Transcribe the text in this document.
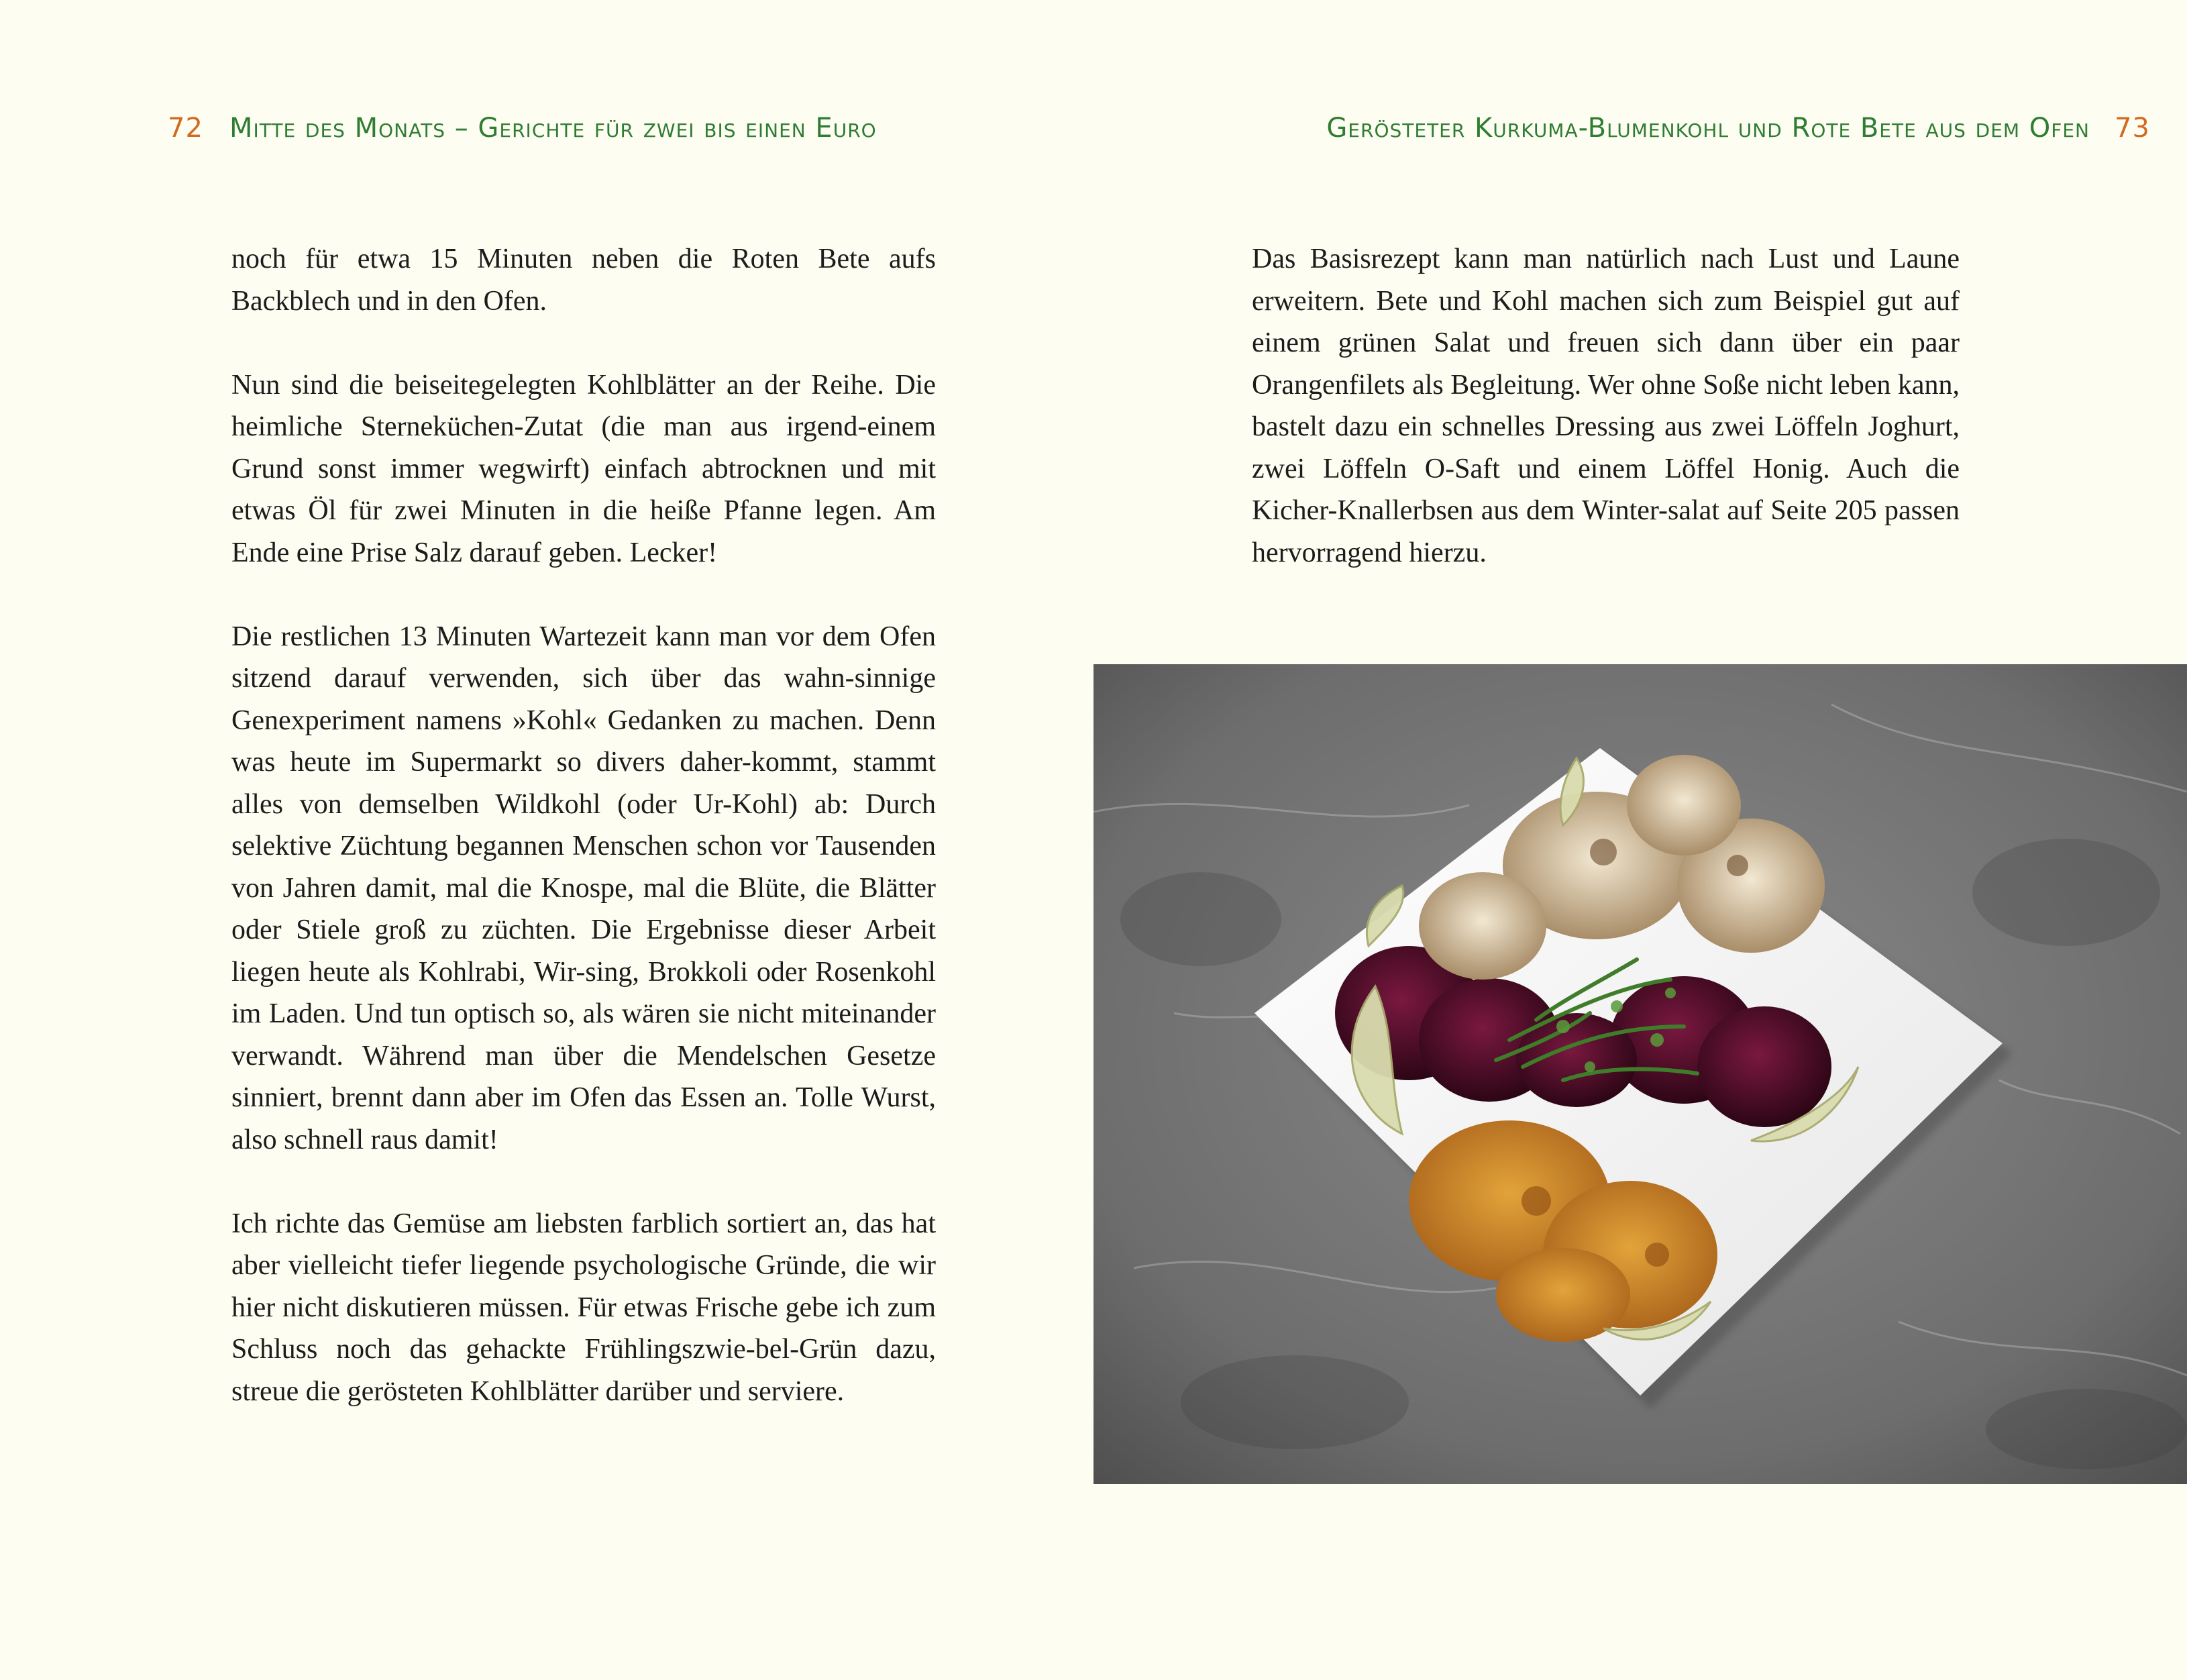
72 Mitte des Monats – Gerichte für zwei bis einen Euro

noch für etwa 15 Minuten neben die Roten Bete aufs Backblech und in den Ofen.

Nun sind die beiseitegelegten Kohlblätter an der Reihe. Die heimliche Sterneküchen-Zutat (die man aus irgend-einem Grund sonst immer wegwirft) einfach abtrocknen und mit etwas Öl für zwei Minuten in die heiße Pfanne legen. Am Ende eine Prise Salz darauf geben. Lecker!

Die restlichen 13 Minuten Wartezeit kann man vor dem Ofen sitzend darauf verwenden, sich über das wahn-sinnige Genexperiment namens »Kohl« Gedanken zu machen. Denn was heute im Supermarkt so divers daher-kommt, stammt alles von demselben Wildkohl (oder Ur-Kohl) ab: Durch selektive Züchtung begannen Menschen schon vor Tausenden von Jahren damit, mal die Knospe, mal die Blüte, die Blätter oder Stiele groß zu züchten. Die Ergebnisse dieser Arbeit liegen heute als Kohlrabi, Wir-sing, Brokkoli oder Rosenkohl im Laden. Und tun optisch so, als wären sie nicht miteinander verwandt. Während man über die Mendelschen Gesetze sinniert, brennt dann aber im Ofen das Essen an. Tolle Wurst, also schnell raus damit!

Ich richte das Gemüse am liebsten farblich sortiert an, das hat aber vielleicht tiefer liegende psychologische Gründe, die wir hier nicht diskutieren müssen. Für etwas Frische gebe ich zum Schluss noch das gehackte Frühlingszwie-bel-Grün dazu, streue die gerösteten Kohlblätter darüber und serviere.

Gerösteter Kurkuma-Blumenkohl und Rote Bete aus dem Ofen 73

Das Basisrezept kann man natürlich nach Lust und Laune erweitern. Bete und Kohl machen sich zum Beispiel gut auf einem grünen Salat und freuen sich dann über ein paar Orangenfilets als Begleitung. Wer ohne Soße nicht leben kann, bastelt dazu ein schnelles Dressing aus zwei Löffeln Joghurt, zwei Löffeln O-Saft und einem Löffel Honig. Auch die Kicher-Knallerbsen aus dem Winter-salat auf Seite 205 passen hervorragend hierzu.
